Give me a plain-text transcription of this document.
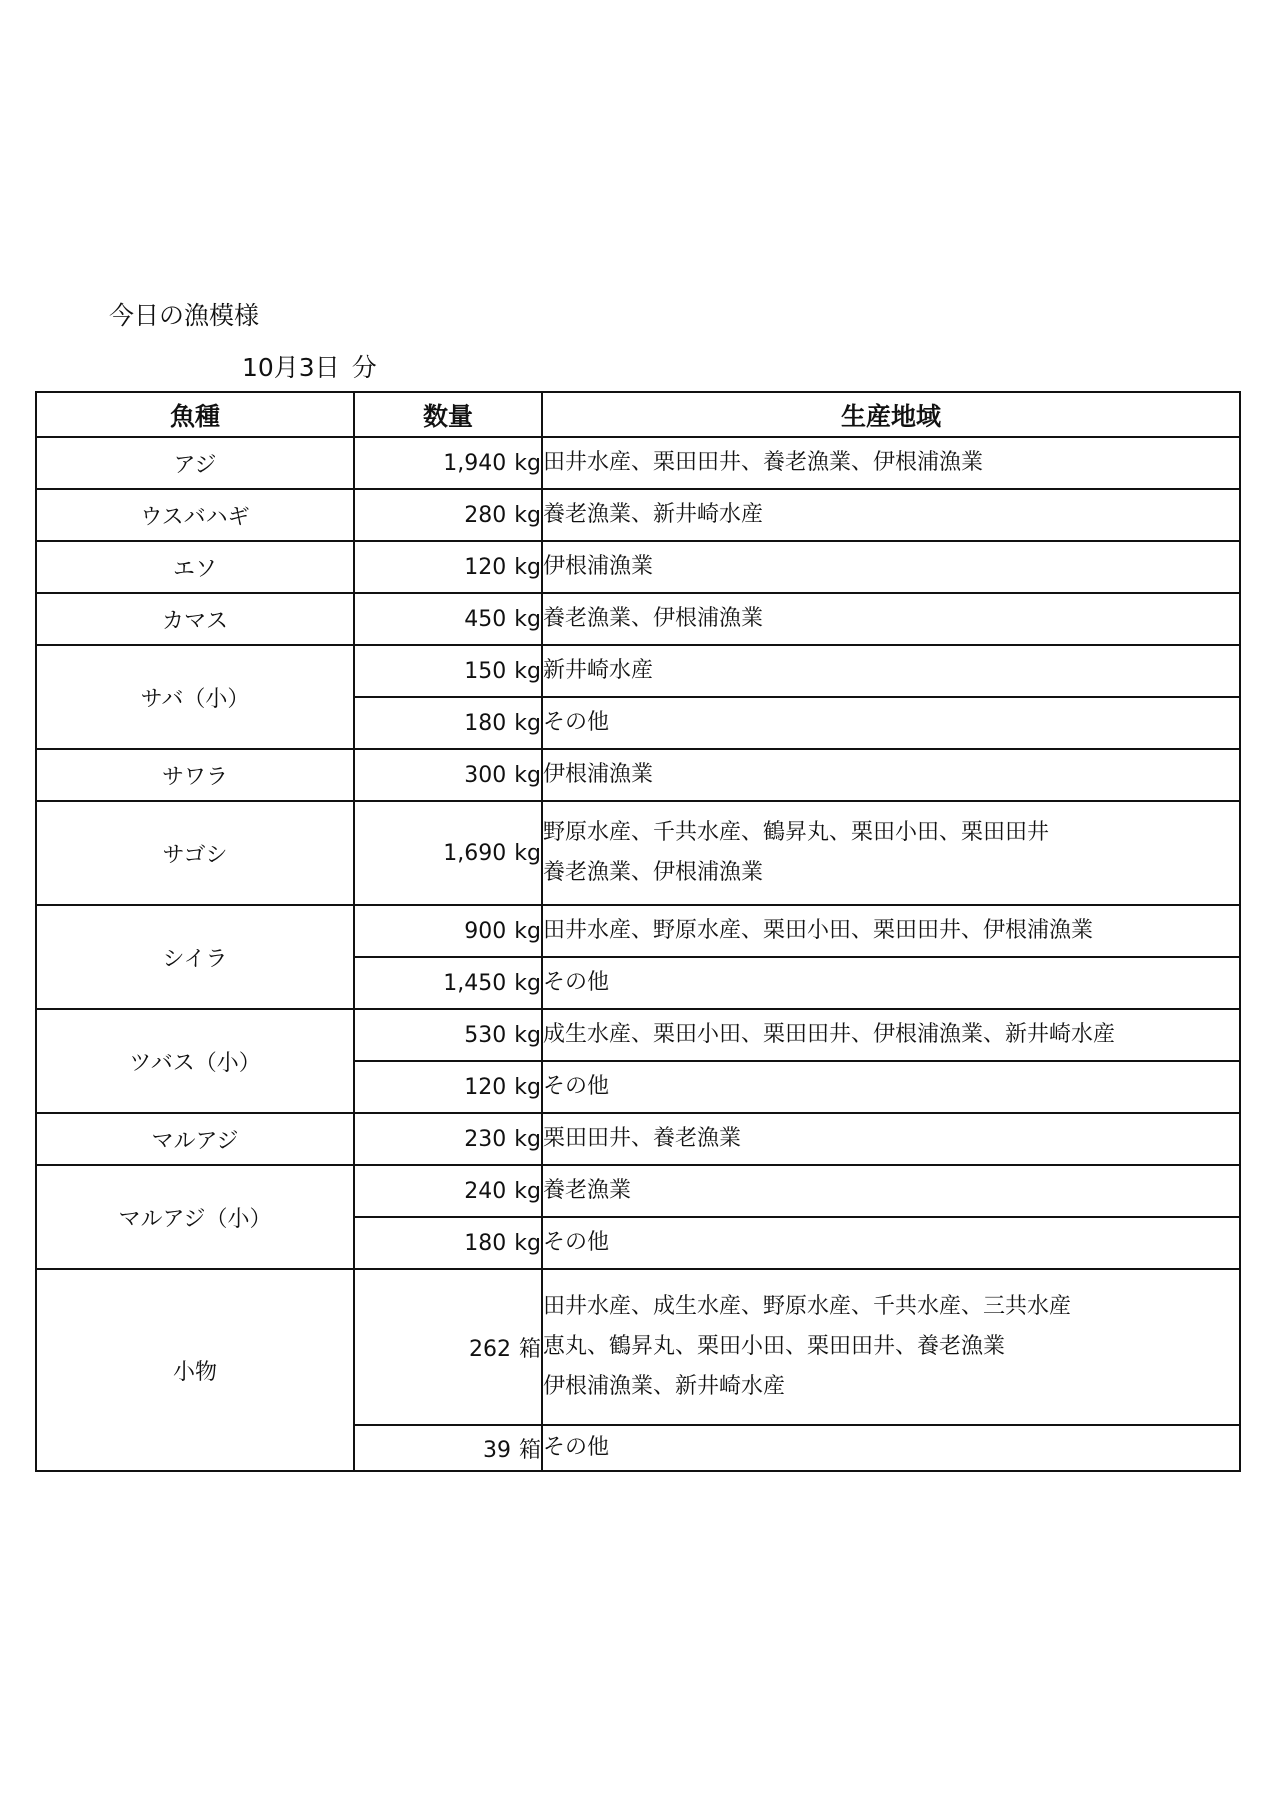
今日の漁模様
10月3日 分
魚種	数量	生産地域
アジ	1,940 kg	田井水産、栗田田井、養老漁業、伊根浦漁業
ウスバハギ	280 kg	養老漁業、新井崎水産
エソ	120 kg	伊根浦漁業
カマス	450 kg	養老漁業、伊根浦漁業
サバ（小）	150 kg	新井崎水産
	180 kg	その他
サワラ	300 kg	伊根浦漁業
サゴシ	1,690 kg	野原水産、千共水産、鶴昇丸、栗田小田、栗田田井
養老漁業、伊根浦漁業
シイラ	900 kg	田井水産、野原水産、栗田小田、栗田田井、伊根浦漁業
	1,450 kg	その他
ツバス（小）	530 kg	成生水産、栗田小田、栗田田井、伊根浦漁業、新井崎水産
	120 kg	その他
マルアジ	230 kg	栗田田井、養老漁業
マルアジ（小）	240 kg	養老漁業
	180 kg	その他
小物	262 箱	田井水産、成生水産、野原水産、千共水産、三共水産
恵丸、鶴昇丸、栗田小田、栗田田井、養老漁業
伊根浦漁業、新井崎水産
	39 箱	その他
